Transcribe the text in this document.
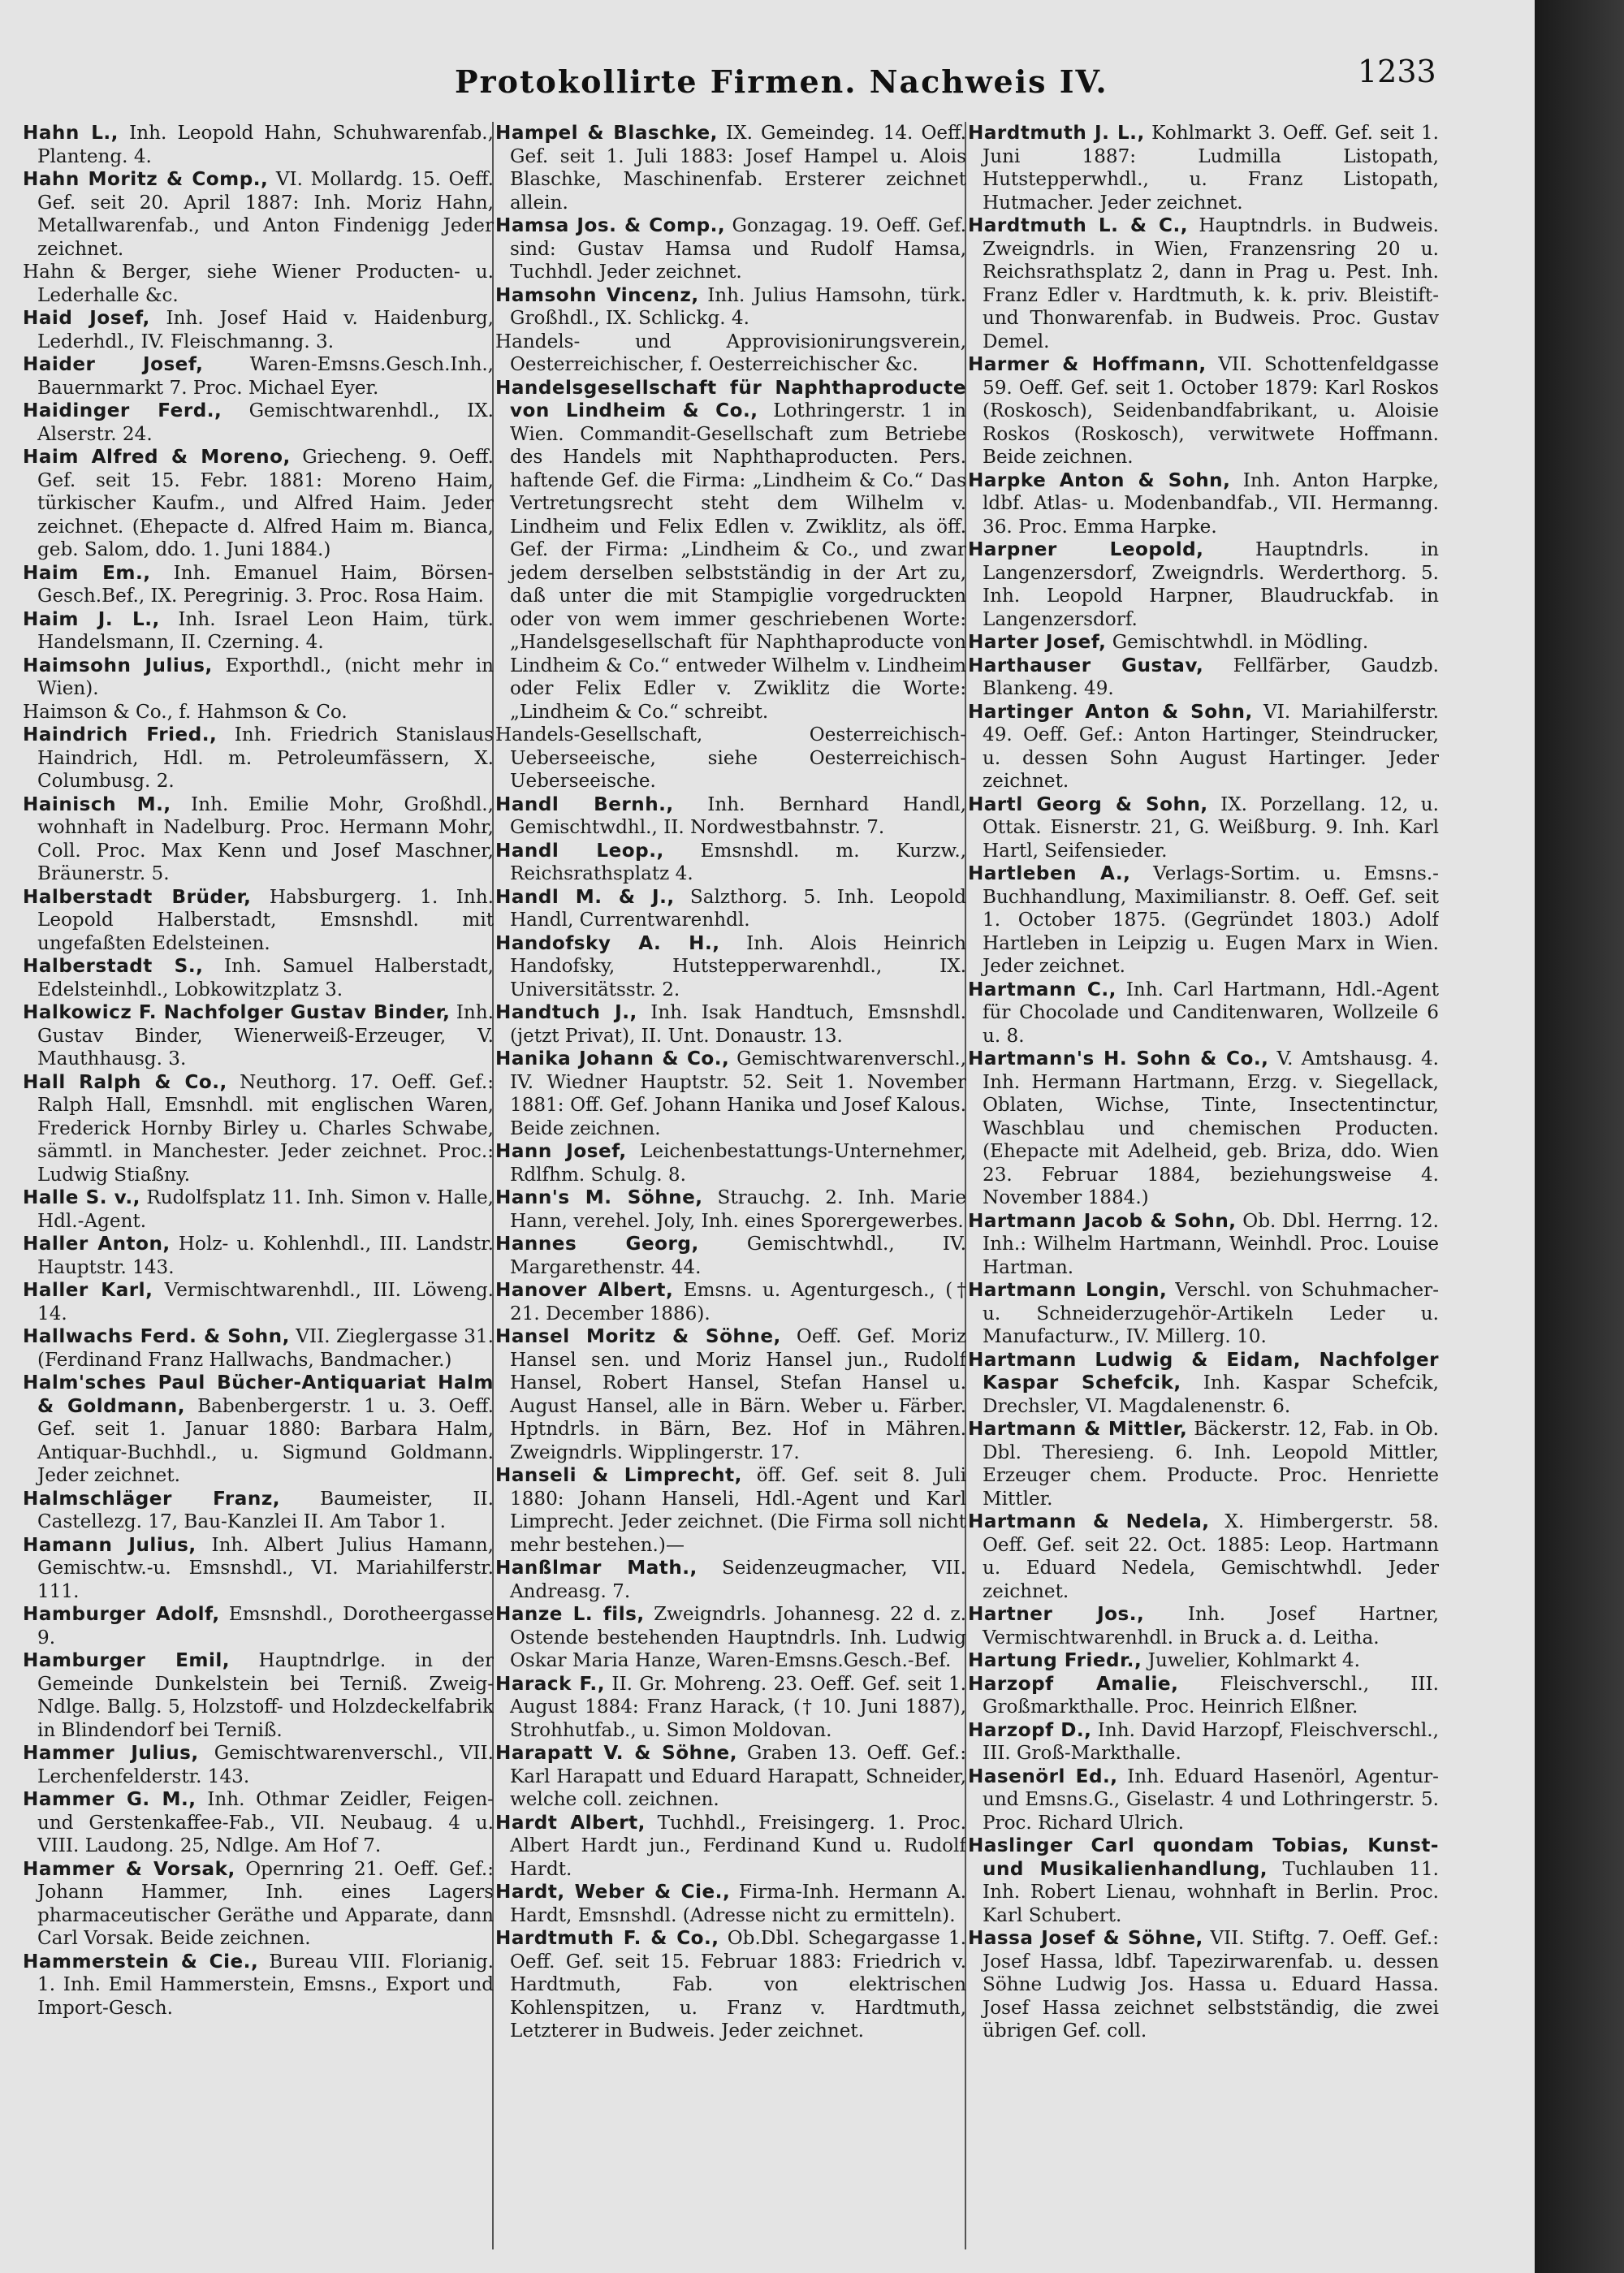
Protokollirte Firmen. Nachweis IV.	1233

Hahn L., Inh. Leopold Hahn, Schuhwarenfab., Planteng. 4.

Hahn Moritz & Comp., VI. Mollardg. 15. Oeff. Gef. seit 20. April 1887: Inh. Moriz Hahn, Metallwarenfab., und Anton Findenigg Jeder zeichnet.

Hahn & Berger, siehe Wiener Producten- u. Lederhalle &c.

Haid Josef, Inh. Josef Haid v. Haidenburg, Lederhdl., IV. Fleischmanng. 3.

Haider Josef, Waren-Emsns.Gesch.Inh., Bauernmarkt 7. Proc. Michael Eyer.

Haidinger Ferd., Gemischtwarenhdl., IX. Alserstr. 24.

Haim Alfred & Moreno, Griecheng. 9. Oeff. Gef. seit 15. Febr. 1881: Moreno Haim, türkischer Kaufm., und Alfred Haim. Jeder zeichnet. (Ehepacte d. Alfred Haim m. Bianca, geb. Salom, ddo. 1. Juni 1884.)

Haim Em., Inh. Emanuel Haim, Börsen-Gesch.Bef., IX. Peregrinig. 3. Proc. Rosa Haim.

Haim J. L., Inh. Israel Leon Haim, türk. Handelsmann, II. Czerning. 4.

Haimsohn Julius, Exporthdl., (nicht mehr in Wien).

Haimson & Co., f. Hahmson & Co.

Haindrich Fried., Inh. Friedrich Stanislaus Haindrich, Hdl. m. Petroleumfässern, X. Columbusg. 2.

Hainisch M., Inh. Emilie Mohr, Großhdl., wohnhaft in Nadelburg. Proc. Hermann Mohr, Coll. Proc. Max Kenn und Josef Maschner, Bräunerstr. 5.

Halberstadt Brüder, Habsburgerg. 1. Inh. Leopold Halberstadt, Emsnshdl. mit ungefaßten Edelsteinen.

Halberstadt S., Inh. Samuel Halberstadt, Edelsteinhdl., Lobkowitzplatz 3.

Halkowicz F. Nachfolger Gustav Binder, Inh. Gustav Binder, Wienerweiß-Erzeuger, V. Mauthhausg. 3.

Hall Ralph & Co., Neuthorg. 17. Oeff. Gef.: Ralph Hall, Emsnhdl. mit englischen Waren, Frederick Hornby Birley u. Charles Schwabe, sämmtl. in Manchester. Jeder zeichnet. Proc.: Ludwig Stiaßny.

Halle S. v., Rudolfsplatz 11. Inh. Simon v. Halle, Hdl.-Agent.

Haller Anton, Holz- u. Kohlenhdl., III. Landstr. Hauptstr. 143.

Haller Karl, Vermischtwarenhdl., III. Löweng. 14.

Hallwachs Ferd. & Sohn, VII. Zieglergasse 31. (Ferdinand Franz Hallwachs, Bandmacher.)

Halm'sches Paul Bücher-Antiquariat Halm & Goldmann, Babenbergerstr. 1 u. 3. Oeff. Gef. seit 1. Januar 1880: Barbara Halm, Antiquar-Buchhdl., u. Sigmund Goldmann. Jeder zeichnet.

Halmschläger Franz, Baumeister, II. Castellezg. 17, Bau-Kanzlei II. Am Tabor 1.

Hamann Julius, Inh. Albert Julius Hamann, Gemischtw.-u. Emsnshdl., VI. Mariahilferstr. 111.

Hamburger Adolf, Emsnshdl., Dorotheergasse 9.

Hamburger Emil, Hauptndrlge. in der Gemeinde Dunkelstein bei Terniß. Zweig-Ndlge. Ballg. 5, Holzstoff- und Holzdeckelfabrik in Blindendorf bei Terniß.

Hammer Julius, Gemischtwarenverschl., VII. Lerchenfelderstr. 143.

Hammer G. M., Inh. Othmar Zeidler, Feigen- und Gerstenkaffee-Fab., VII. Neubaug. 4 u. VIII. Laudong. 25, Ndlge. Am Hof 7.

Hammer & Vorsak, Opernring 21. Oeff. Gef.: Johann Hammer, Inh. eines Lagers pharmaceutischer Geräthe und Apparate, dann Carl Vorsak. Beide zeichnen.

Hammerstein & Cie., Bureau VIII. Florianig. 1. Inh. Emil Hammerstein, Emsns., Export und Import-Gesch.

Hampel & Blaschke, IX. Gemeindeg. 14. Oeff. Gef. seit 1. Juli 1883: Josef Hampel u. Alois Blaschke, Maschinenfab. Ersterer zeichnet allein.

Hamsa Jos. & Comp., Gonzagag. 19. Oeff. Gef. sind: Gustav Hamsa und Rudolf Hamsa, Tuchhdl. Jeder zeichnet.

Hamsohn Vincenz, Inh. Julius Hamsohn, türk. Großhdl., IX. Schlickg. 4.

Handels- und Approvisionirungsverein, Oesterreichischer, f. Oesterreichischer &c.

Handelsgesellschaft für Naphthaproducte von Lindheim & Co., Lothringerstr. 1 in Wien. Commandit-Gesellschaft zum Betriebe des Handels mit Naphthaproducten. Pers. haftende Gef. die Firma: „Lindheim & Co.“ Das Vertretungsrecht steht dem Wilhelm v. Lindheim und Felix Edlen v. Zwiklitz, als öff. Gef. der Firma: „Lindheim & Co., und zwar jedem derselben selbstständig in der Art zu, daß unter die mit Stampiglie vorgedruckten oder von wem immer geschriebenen Worte: „Handelsgesellschaft für Naphthaproducte von Lindheim & Co.“ entweder Wilhelm v. Lindheim oder Felix Edler v. Zwiklitz die Worte: „Lindheim & Co.“ schreibt.

Handels-Gesellschaft, Oesterreichisch-Ueberseeische, siehe Oesterreichisch-Ueberseeische.

Handl Bernh., Inh. Bernhard Handl, Gemischtwdhl., II. Nordwestbahnstr. 7.

Handl Leop., Emsnshdl. m. Kurzw., Reichsrathsplatz 4.

Handl M. & J., Salzthorg. 5. Inh. Leopold Handl, Currentwarenhdl.

Handofsky A. H., Inh. Alois Heinrich Handofsky, Hutstepperwarenhdl., IX. Universitätsstr. 2.

Handtuch J., Inh. Isak Handtuch, Emsnshdl. (jetzt Privat), II. Unt. Donaustr. 13.

Hanika Johann & Co., Gemischtwarenverschl., IV. Wiedner Hauptstr. 52. Seit 1. November 1881: Off. Gef. Johann Hanika und Josef Kalous. Beide zeichnen.

Hann Josef, Leichenbestattungs-Unternehmer, Rdlfhm. Schulg. 8.

Hann's M. Söhne, Strauchg. 2. Inh. Marie Hann, verehel. Joly, Inh. eines Sporergewerbes.

Hannes Georg, Gemischtwhdl., IV. Margarethenstr. 44.

Hanover Albert, Emsns. u. Agenturgesch., († 21. December 1886).

Hansel Moritz & Söhne, Oeff. Gef. Moriz Hansel sen. und Moriz Hansel jun., Rudolf Hansel, Robert Hansel, Stefan Hansel u. August Hansel, alle in Bärn. Weber u. Färber. Hptndrls. in Bärn, Bez. Hof in Mähren. Zweigndrls. Wipplingerstr. 17.

Hanseli & Limprecht, öff. Gef. seit 8. Juli 1880: Johann Hanseli, Hdl.-Agent und Karl Limprecht. Jeder zeichnet. (Die Firma soll nicht mehr bestehen.)—

Hanßlmar Math., Seidenzeugmacher, VII. Andreasg. 7.

Hanze L. fils, Zweigndrls. Johannesg. 22 d. z. Ostende bestehenden Hauptndrls. Inh. Ludwig Oskar Maria Hanze, Waren-Emsns.Gesch.-Bef.

Harack F., II. Gr. Mohreng. 23. Oeff. Gef. seit 1. August 1884: Franz Harack, († 10. Juni 1887), Strohhutfab., u. Simon Moldovan.

Harapatt V. & Söhne, Graben 13. Oeff. Gef.: Karl Harapatt und Eduard Harapatt, Schneider, welche coll. zeichnen.

Hardt Albert, Tuchhdl., Freisingerg. 1. Proc. Albert Hardt jun., Ferdinand Kund u. Rudolf Hardt.

Hardt, Weber & Cie., Firma-Inh. Hermann A. Hardt, Emsnshdl. (Adresse nicht zu ermitteln).

Hardtmuth F. & Co., Ob.Dbl. Schegargasse 1. Oeff. Gef. seit 15. Februar 1883: Friedrich v. Hardtmuth, Fab. von elektrischen Kohlenspitzen, u. Franz v. Hardtmuth, Letzterer in Budweis. Jeder zeichnet.

Hardtmuth J. L., Kohlmarkt 3. Oeff. Gef. seit 1. Juni 1887: Ludmilla Listopath, Hutstepperwhdl., u. Franz Listopath, Hutmacher. Jeder zeichnet.

Hardtmuth L. & C., Hauptndrls. in Budweis. Zweigndrls. in Wien, Franzensring 20 u. Reichsrathsplatz 2, dann in Prag u. Pest. Inh. Franz Edler v. Hardtmuth, k. k. priv. Bleistift- und Thonwarenfab. in Budweis. Proc. Gustav Demel.

Harmer & Hoffmann, VII. Schottenfeldgasse 59. Oeff. Gef. seit 1. October 1879: Karl Roskos (Roskosch), Seidenbandfabrikant, u. Aloisie Roskos (Roskosch), verwitwete Hoffmann. Beide zeichnen.

Harpke Anton & Sohn, Inh. Anton Harpke, ldbf. Atlas- u. Modenbandfab., VII. Hermanng. 36. Proc. Emma Harpke.

Harpner Leopold, Hauptndrls. in Langenzersdorf, Zweigndrls. Werderthorg. 5. Inh. Leopold Harpner, Blaudruckfab. in Langenzersdorf.

Harter Josef, Gemischtwhdl. in Mödling.

Harthauser Gustav, Fellfärber, Gaudzb. Blankeng. 49.

Hartinger Anton & Sohn, VI. Mariahilferstr. 49. Oeff. Gef.: Anton Hartinger, Steindrucker, u. dessen Sohn August Hartinger. Jeder zeichnet.

Hartl Georg & Sohn, IX. Porzellang. 12, u. Ottak. Eisnerstr. 21, G. Weißburg. 9. Inh. Karl Hartl, Seifensieder.

Hartleben A., Verlags-Sortim. u. Emsns.-Buchhandlung, Maximilianstr. 8. Oeff. Gef. seit 1. October 1875. (Gegründet 1803.) Adolf Hartleben in Leipzig u. Eugen Marx in Wien. Jeder zeichnet.

Hartmann C., Inh. Carl Hartmann, Hdl.-Agent für Chocolade und Canditenwaren, Wollzeile 6 u. 8.

Hartmann's H. Sohn & Co., V. Amtshausg. 4. Inh. Hermann Hartmann, Erzg. v. Siegellack, Oblaten, Wichse, Tinte, Insectentinctur, Waschblau und chemischen Producten. (Ehepacte mit Adelheid, geb. Briza, ddo. Wien 23. Februar 1884, beziehungsweise 4. November 1884.)

Hartmann Jacob & Sohn, Ob. Dbl. Herrng. 12. Inh.: Wilhelm Hartmann, Weinhdl. Proc. Louise Hartman.

Hartmann Longin, Verschl. von Schuhmacher- u. Schneiderzugehör-Artikeln Leder u. Manufacturw., IV. Millerg. 10.

Hartmann Ludwig & Eidam, Nachfolger Kaspar Schefcik, Inh. Kaspar Schefcik, Drechsler, VI. Magdalenenstr. 6.

Hartmann & Mittler, Bäckerstr. 12, Fab. in Ob. Dbl. Theresieng. 6. Inh. Leopold Mittler, Erzeuger chem. Producte. Proc. Henriette Mittler.

Hartmann & Nedela, X. Himbergerstr. 58. Oeff. Gef. seit 22. Oct. 1885: Leop. Hartmann u. Eduard Nedela, Gemischtwhdl. Jeder zeichnet.

Hartner Jos., Inh. Josef Hartner, Vermischtwarenhdl. in Bruck a. d. Leitha.

Hartung Friedr., Juwelier, Kohlmarkt 4.

Harzopf Amalie, Fleischverschl., III. Großmarkthalle. Proc. Heinrich Elßner.

Harzopf D., Inh. David Harzopf, Fleischverschl., III. Groß-Markthalle.

Hasenörl Ed., Inh. Eduard Hasenörl, Agentur- und Emsns.G., Giselastr. 4 und Lothringerstr. 5. Proc. Richard Ulrich.

Haslinger Carl quondam Tobias, Kunst- und Musikalienhandlung, Tuchlauben 11. Inh. Robert Lienau, wohnhaft in Berlin. Proc. Karl Schubert.

Hassa Josef & Söhne, VII. Stiftg. 7. Oeff. Gef.: Josef Hassa, ldbf. Tapezirwarenfab. u. dessen Söhne Ludwig Jos. Hassa u. Eduard Hassa. Josef Hassa zeichnet selbstständig, die zwei übrigen Gef. coll.
